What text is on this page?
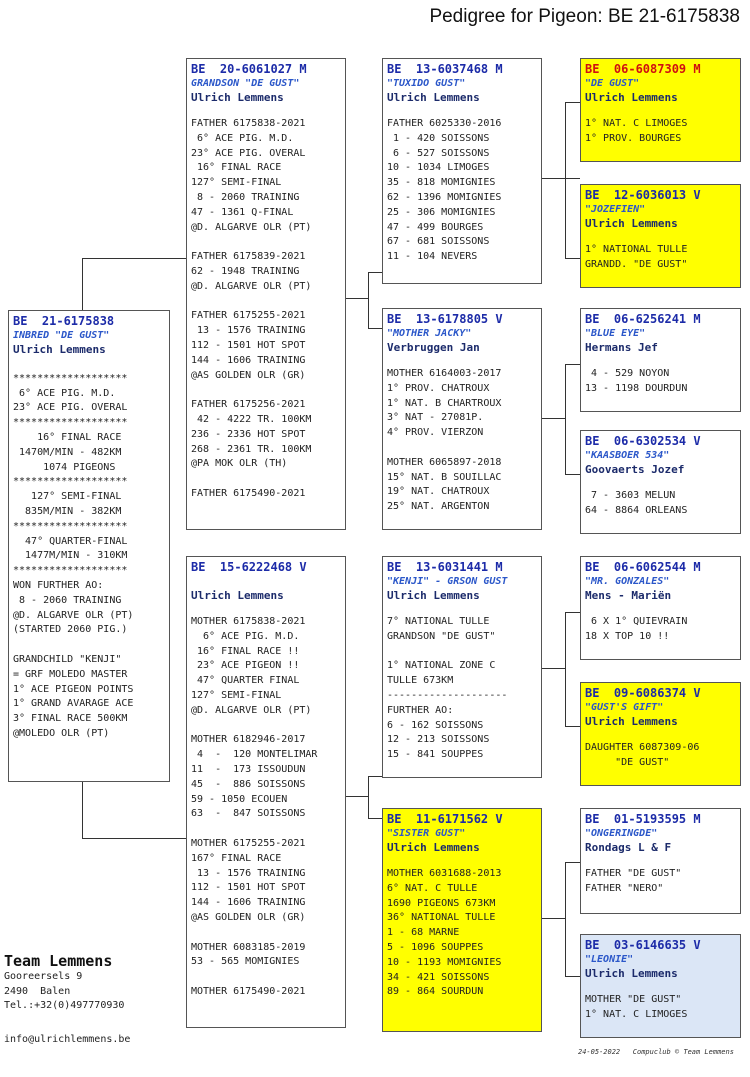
Pedigree for Pigeon: BE 21-6175838
BE  21-6175838
INBRED "DE GUST"
Ulrich Lemmens

*******************
6° ACE PIG. M.D.
23° ACE PIG. OVERAL
*******************
16° FINAL RACE
1470M/MIN - 482KM
1074 PIGEONS
*******************
127° SEMI-FINAL
835M/MIN - 382KM
*******************
47° QUARTER-FINAL
1477M/MIN - 310KM
*******************
WON FURTHER AO:
8 - 2060 TRAINING
@D. ALGARVE OLR (PT)
(STARTED 2060 PIG.)

GRANDCHILD "KENJI"
= GRF MOLEDO MASTER
1° ACE PIGEON POINTS
1° GRAND AVARAGE ACE
3° FINAL RACE 500KM
@MOLEDO OLR (PT)
BE  20-6061027 M
GRANDSON "DE GUST"
Ulrich Lemmens
FATHER 6175838-2021
6° ACE PIG. M.D.
23° ACE PIG. OVERAL
16° FINAL RACE
127° SEMI-FINAL
8 - 2060 TRAINING
47 - 1361 Q-FINAL
@D. ALGARVE OLR (PT)

FATHER 6175839-2021
62 - 1948 TRAINING
@D. ALGARVE OLR (PT)

FATHER 6175255-2021
13 - 1576 TRAINING
112 - 1501 HOT SPOT
144 - 1606 TRAINING
@AS GOLDEN OLR (GR)

FATHER 6175256-2021
42 - 4222 TR. 100KM
236 - 2336 HOT SPOT
268 - 2361 TR. 100KM
@PA MOK OLR (TH)

FATHER 6175490-2021
BE  15-6222468 V
Ulrich Lemmens
MOTHER 6175838-2021
6° ACE PIG. M.D.
16° FINAL RACE !!
23° ACE PIGEON !!
47° QUARTER FINAL
127° SEMI-FINAL
@D. ALGARVE OLR (PT)

MOTHER 6182946-2017
4  -  120 MONTELIMAR
11  -  173 ISSOUDUN
45  -  886 SOISSONS
59 - 1050 ECOUEN
63  -  847 SOISSONS

MOTHER 6175255-2021
167° FINAL RACE
13 - 1576 TRAINING
112 - 1501 HOT SPOT
144 - 1606 TRAINING
@AS GOLDEN OLR (GR)

MOTHER 6083185-2019
53 - 565 MOMIGNIES

MOTHER 6175490-2021
BE  13-6037468 M
"TUXIDO GUST"
Ulrich Lemmens
FATHER 6025330-2016
1 - 420 SOISSONS
6 - 527 SOISSONS
10 - 1034 LIMOGES
35 - 818 MOMIGNIES
62 - 1396 MOMIGNIES
25 - 306 MOMIGNIES
47 - 499 BOURGES
67 - 681 SOISSONS
11 - 104 NEVERS
BE  13-6178805 V
"MOTHER JACKY"
Verbruggen Jan
MOTHER 6164003-2017
1° PROV. CHATROUX
1° NAT. B CHARTROUX
3° NAT - 27081P.
4° PROV. VIERZON

MOTHER 6065897-2018
15° NAT. B SOUILLAC
19° NAT. CHATROUX
25° NAT. ARGENTON
BE  13-6031441 M
"KENJI" - GRSON GUST
Ulrich Lemmens
7° NATIONAL TULLE
GRANDSON "DE GUST"

1° NATIONAL ZONE C
TULLE 673KM
--------------------
FURTHER AO:
6 - 162 SOISSONS
12 - 213 SOISSONS
15 - 841 SOUPPES
BE  11-6171562 V
"SISTER GUST"
Ulrich Lemmens
MOTHER 6031688-2013
6° NAT. C TULLE
1690 PIGEONS 673KM
36° NATIONAL TULLE
1 - 68 MARNE
5 - 1096 SOUPPES
10 - 1193 MOMIGNIES
34 - 421 SOISSONS
89 - 864 SOURDUN
BE  06-6087309 M
"DE GUST"
Ulrich Lemmens
1° NAT. C LIMOGES
1° PROV. BOURGES
BE  12-6036013 V
"JOZEFIEN"
Ulrich Lemmens
1° NATIONAL TULLE
GRANDD. "DE GUST"
BE  06-6256241 M
"BLUE EYE"
Hermans Jef
4 - 529 NOYON
13 - 1198 DOURDUN
BE  06-6302534 V
"KAASBOER 534"
Goovaerts Jozef
7 - 3603 MELUN
64 - 8864 ORLEANS
BE  06-6062544 M
"MR. GONZALES"
Mens - Mariën
6 X 1° QUIEVRAIN
18 X TOP 10 !!
BE  09-6086374 V
"GUST'S GIFT"
Ulrich Lemmens
DAUGHTER 6087309-06
"DE GUST"
BE  01-5193595 M
"ONGERINGDE"
Rondags L & F
FATHER "DE GUST"
FATHER "NERO"
BE  03-6146635 V
"LEONIE"
Ulrich Lemmens
MOTHER "DE GUST"
1° NAT. C LIMOGES
Team Lemmens
Gooreersels 9
2490  Balen
Tel.:+32(0)497770930
info@ulrichlemmens.be
24-05-2022   Compuclub © Team Lemmens
